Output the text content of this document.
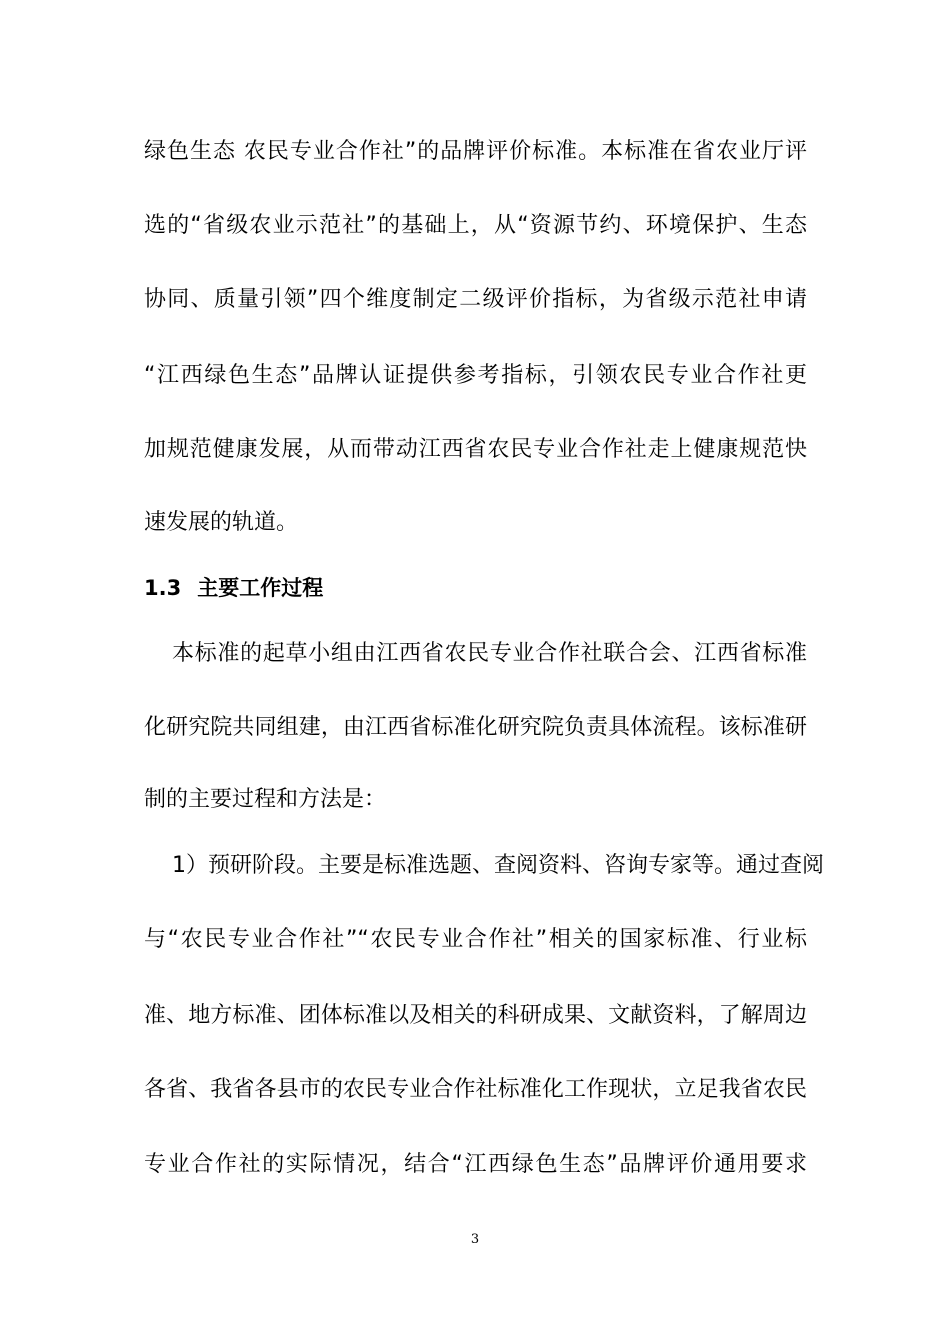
绿色生态 农民专业合作社”的品牌评价标准。本标准在省农业厅评
选的“省级农业示范社”的基础上，从“资源节约、环境保护、生态
协同、质量引领”四个维度制定二级评价指标，为省级示范社申请
“江西绿色生态”品牌认证提供参考指标，引领农民专业合作社更
加规范健康发展，从而带动江西省农民专业合作社走上健康规范快
速发展的轨道。
1.3 主要工作过程
本标准的起草小组由江西省农民专业合作社联合会、江西省标准
化研究院共同组建，由江西省标准化研究院负责具体流程。该标准研
制的主要过程和方法是：
1）预研阶段。主要是标准选题、查阅资料、咨询专家等。通过查阅
与“农民专业合作社”“农民专业合作社”相关的国家标准、行业标
准、地方标准、团体标准以及相关的科研成果、文献资料，了解周边
各省、我省各县市的农民专业合作社标准化工作现状，立足我省农民
专业合作社的实际情况，结合“江西绿色生态”品牌评价通用要求
3
